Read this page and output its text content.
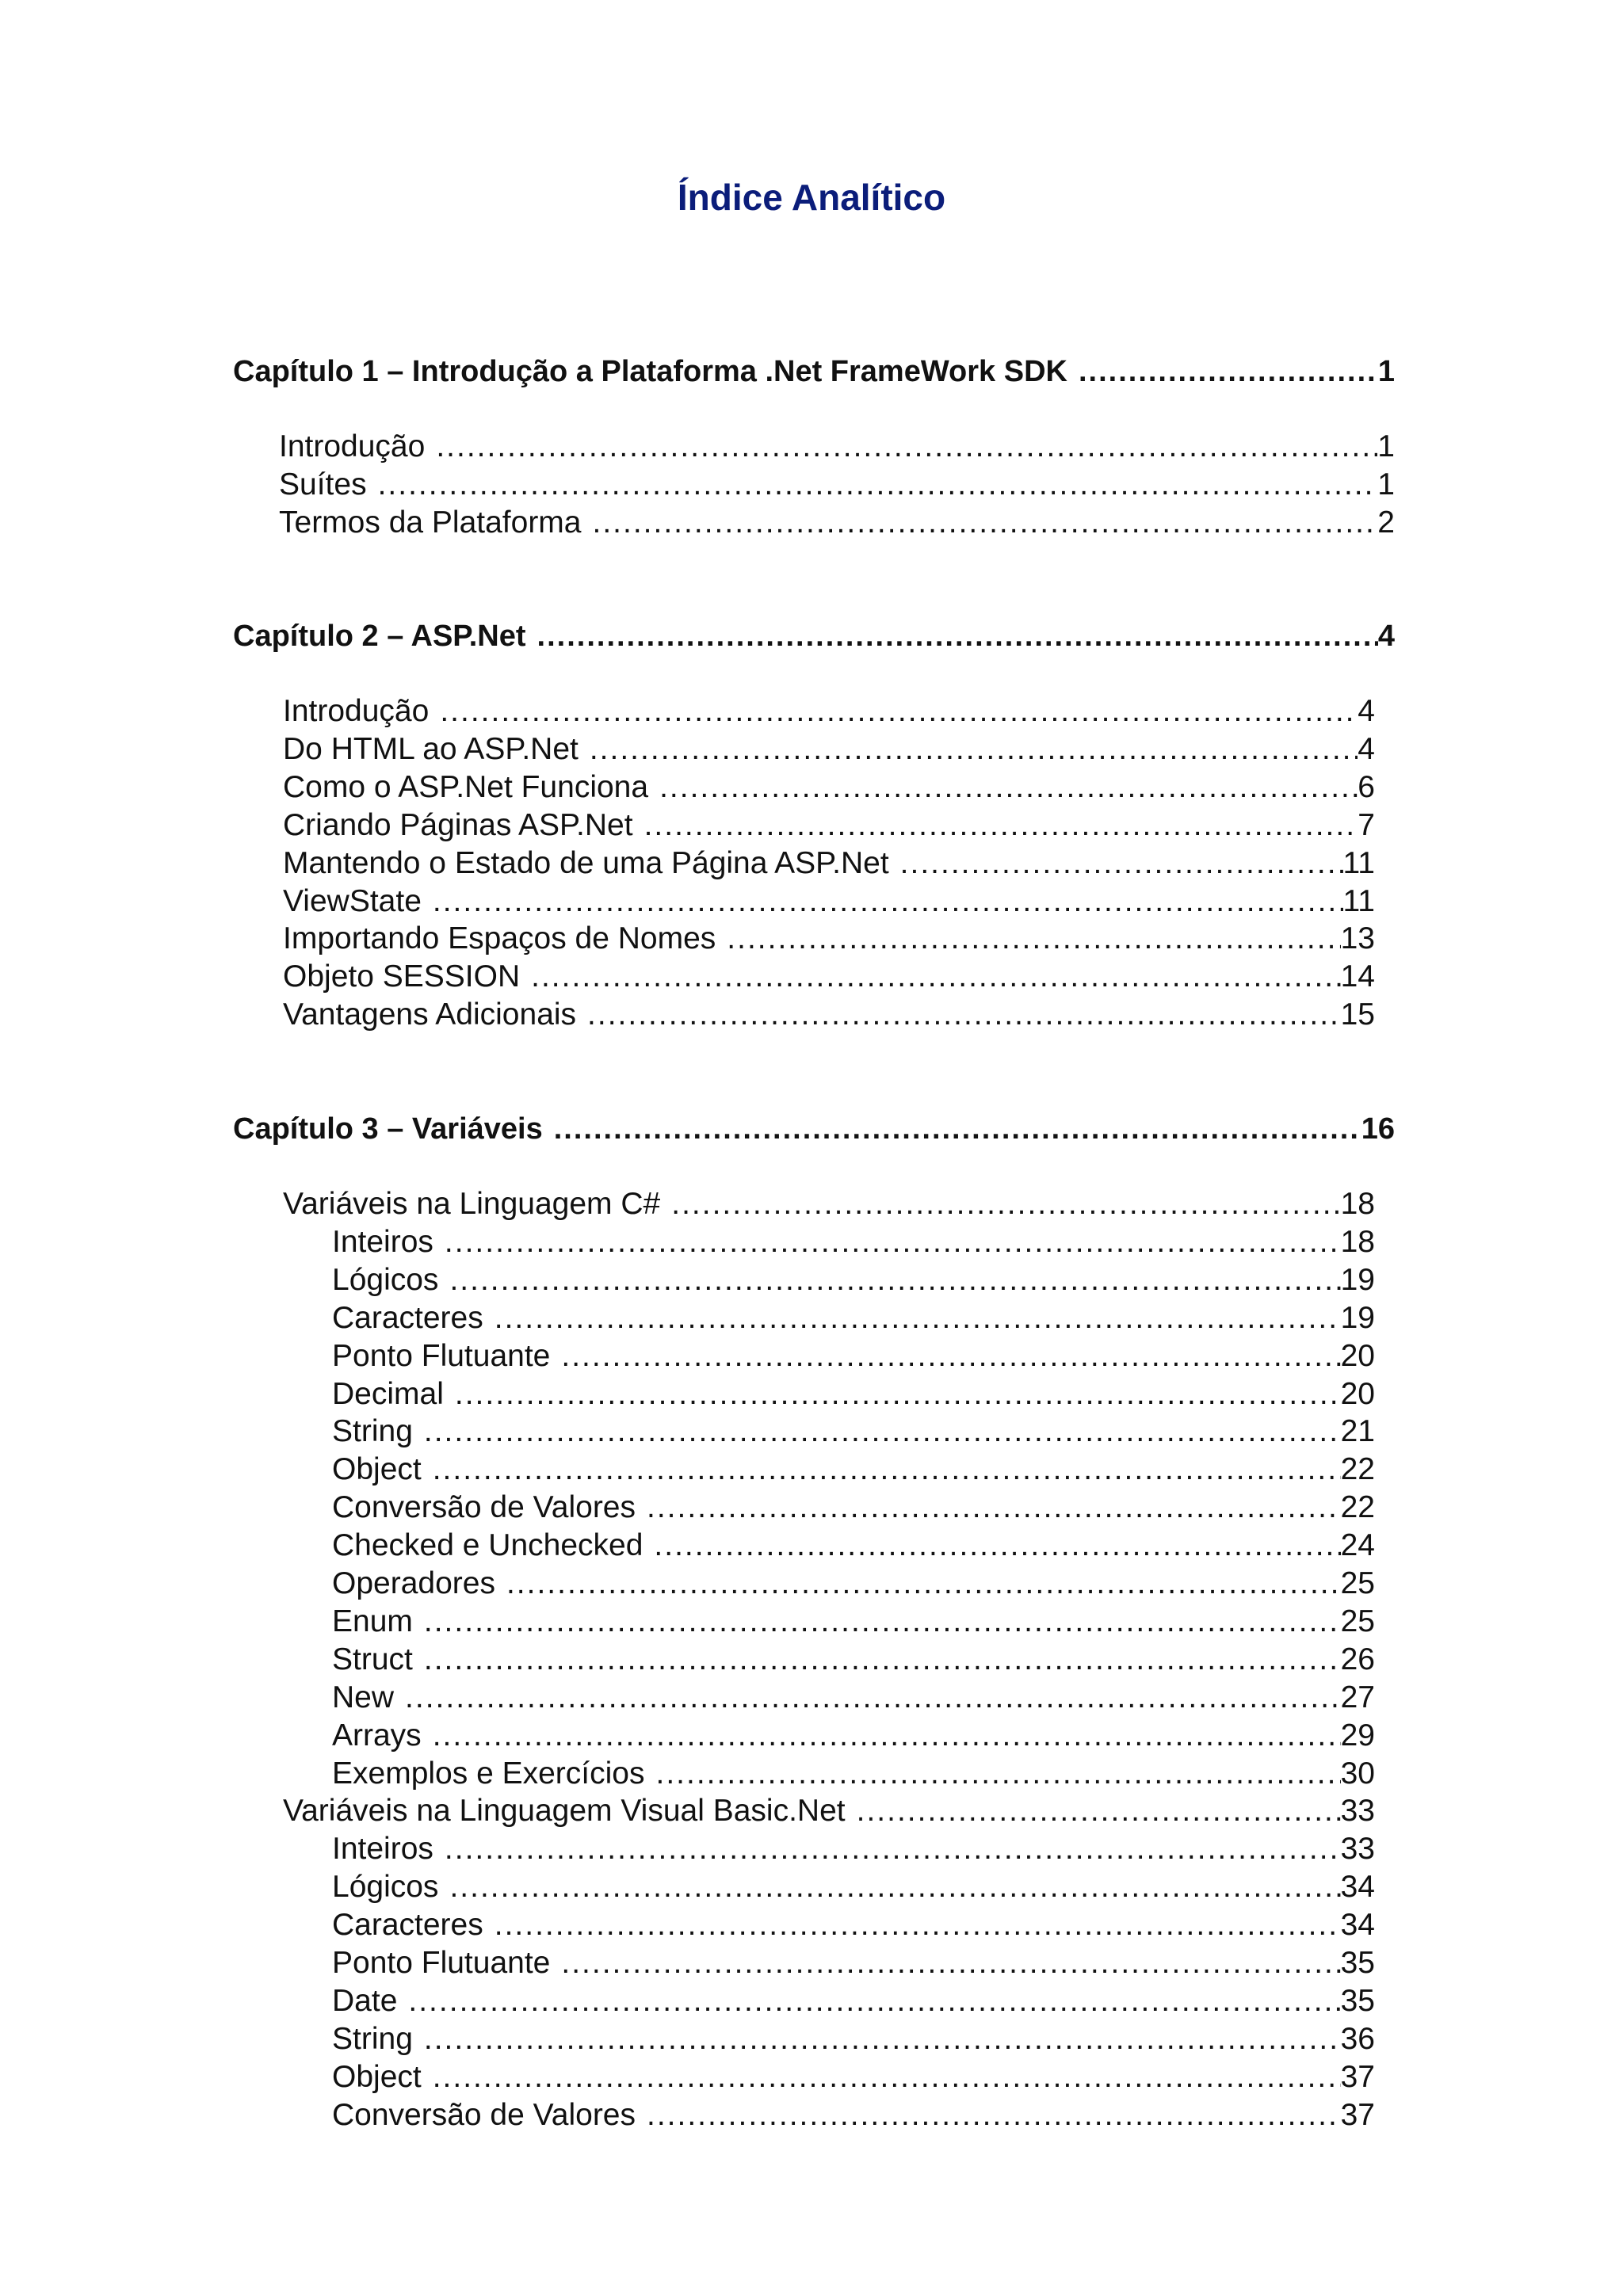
Índice Analítico
Capítulo 1 – Introdução a Plataforma .Net FrameWork SDK .....	1
Introdução .....	1
Suítes .....	1
Termos da Plataforma .....	2
Capítulo 2 – ASP.Net .....	4
Introdução .....	4
Do HTML ao ASP.Net .....	4
Como o ASP.Net Funciona .....	6
Criando Páginas ASP.Net .....	7
Mantendo o Estado de uma Página ASP.Net .....	11
ViewState .....	11
Importando Espaços de Nomes .....	13
Objeto SESSION .....	14
Vantagens Adicionais .....	15
Capítulo 3 – Variáveis .....	16
Variáveis na Linguagem C# .....	18
Inteiros .....	18
Lógicos .....	19
Caracteres .....	19
Ponto Flutuante .....	20
Decimal .....	20
String .....	21
Object .....	22
Conversão de Valores .....	22
Checked e Unchecked .....	24
Operadores .....	25
Enum .....	25
Struct .....	26
New .....	27
Arrays .....	29
Exemplos e Exercícios .....	30
Variáveis na Linguagem Visual Basic.Net .....	33
Inteiros .....	33
Lógicos .....	34
Caracteres .....	34
Ponto Flutuante .....	35
Date .....	35
String .....	36
Object .....	37
Conversão de Valores .....	37
